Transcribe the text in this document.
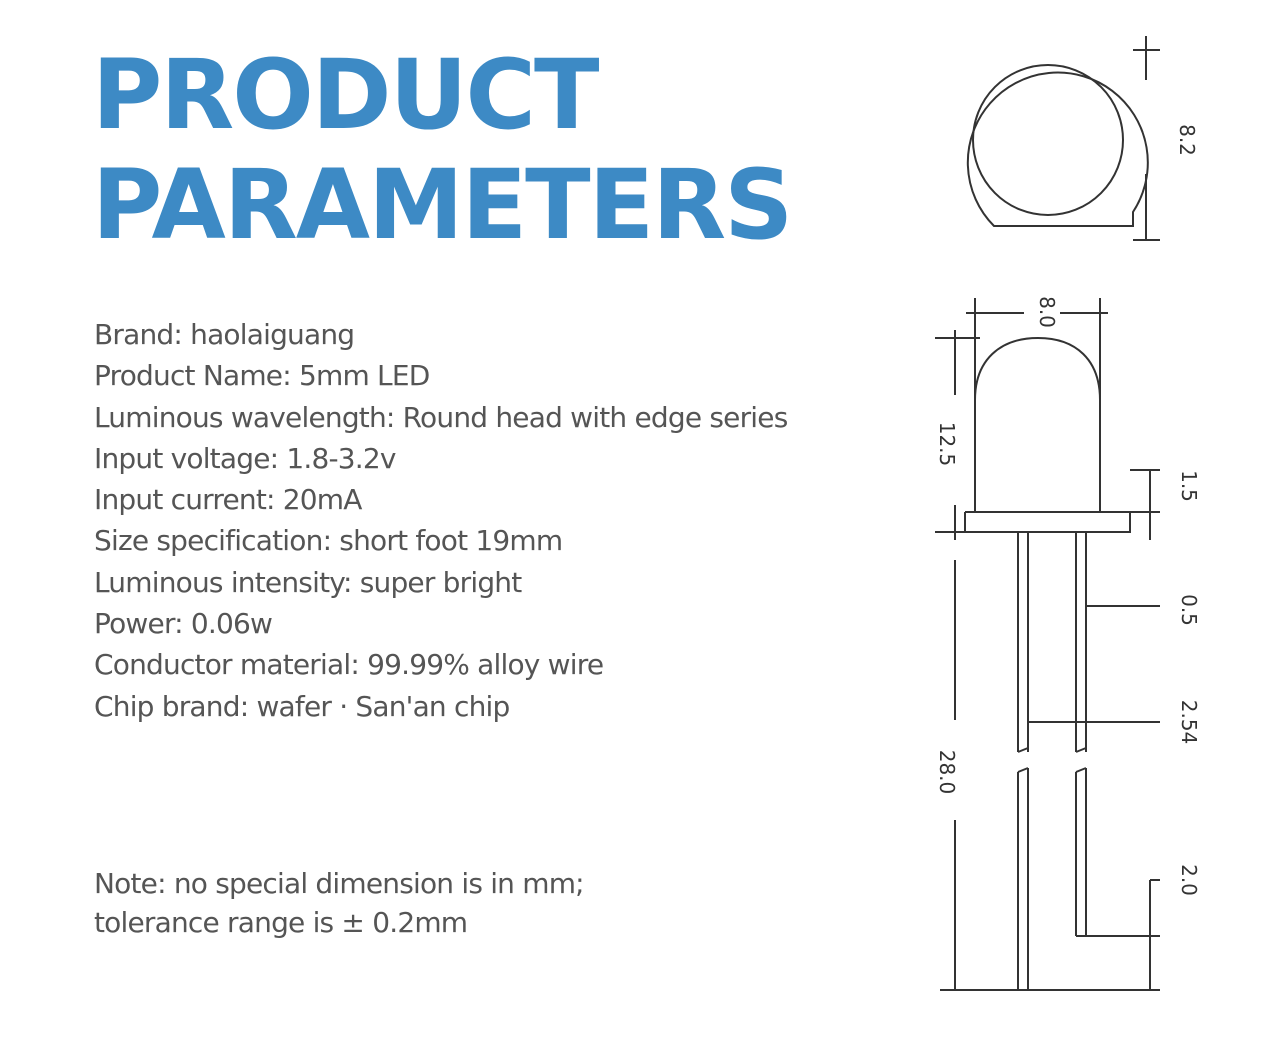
PRODUCT
PARAMETERS
Brand: haolaiguang
Product Name: 5mm LED
Luminous wavelength: Round head with edge series
Input voltage: 1.8-3.2v
Input current: 20mA
Size specification: short foot 19mm
Luminous intensity: super bright
Power: 0.06w
Conductor material: 99.99% alloy wire
Chip brand: wafer · San'an chip
Note: no special dimension is in mm;
tolerance range is ± 0.2mm
8.2
8.0
12.5
1.5
0.5
2.54
28.0
2.0
